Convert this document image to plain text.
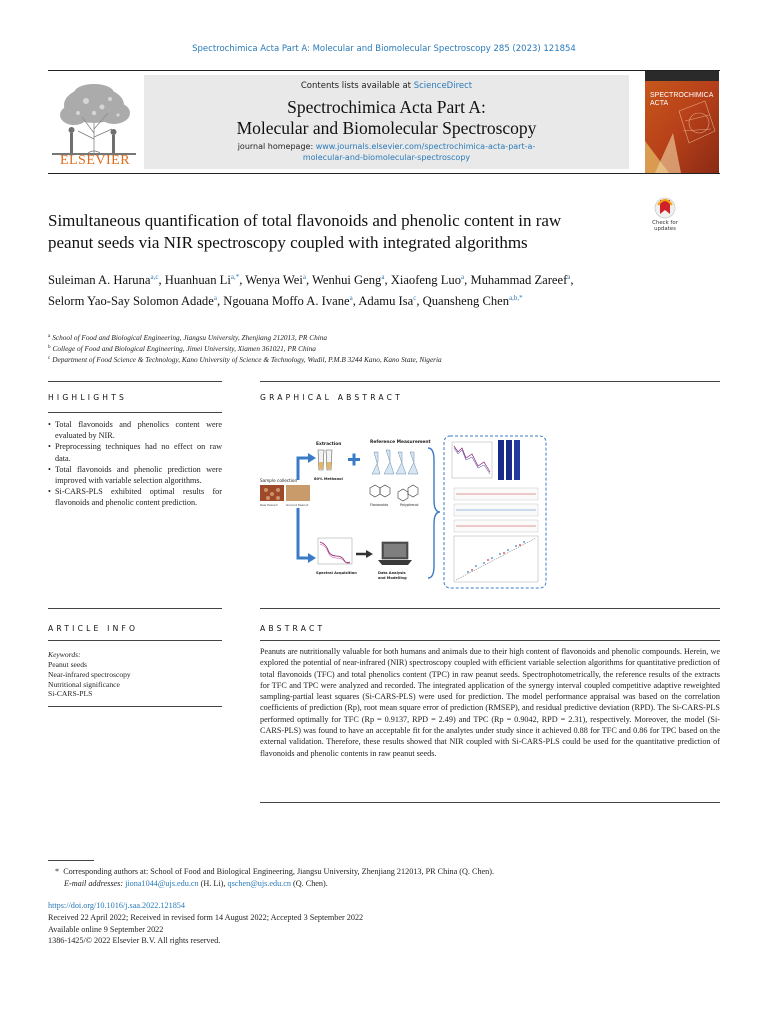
Spectrochimica Acta Part A: Molecular and Biomolecular Spectroscopy 285 (2023) 121854
ELSEVIER
Contents lists available at ScienceDirect
Spectrochimica Acta Part A:
Molecular and Biomolecular Spectroscopy
journal homepage: www.journals.elsevier.com/spectrochimica-acta-part-a-
molecular-and-biomolecular-spectroscopy
SPECTROCHIMICA
ACTA
Simultaneous quantification of total flavonoids and phenolic content in raw
peanut seeds via NIR spectroscopy coupled with integrated algorithms
Check for
updates
Suleiman A. Haruna$^{a,c}$, Huanhuan $Li^{a,*}$, Wenya Wei$^a$, Wenhui Geng$^a$, Xiaofeng Luo$^a$, Muhammad Zareef$^a$, Selorm Yao-Say Solomon Adade$^a$, Ngouana Moffo A. Ivane$^a$, Adamu Isa$^c$, Quansheng Chen$^{a,b,*}$
$^a$ School of Food and Biological Engineering, Jiangsu University, Zhenjiang 212013, PR China
$^b$ College of Food and Biological Engineering, Jimei University, Xiamen 361021, PR China
$^c$ Department of Food Science & Technology, Kano University of Science & Technology, Wudil, P.M.B 3244 Kano, Kano State, Nigeria
HIGHLIGHTS
• Total flavonoids and phenolics content were evaluated by NIR.
• Preprocessing techniques had no effect on raw data.
• Total flavonoids and phenolic prediction were improved with variable selection algorithms.
• Si-CARS-PLS exhibited optimal results for flavonoids and phenolic content prediction.
GRAPHICAL ABSTRACT
Sample collection
Raw Peanut	Ground Peanut
Extraction
80% Methanol
Reference Measurement
Flavonoids	Polyphenol
Spectral Acquisition	Data Analysis
and Modelling
ARTICLE INFO
Keywords:
Peanut seeds
Near-infrared spectroscopy
Nutritional significance
Si-CARS-PLS
ABSTRACT
Peanuts are nutritionally valuable for both humans and animals due to their high content of flavonoids and phenolic compounds. Herein, we explored the potential of near-infrared (NIR) spectroscopy coupled with efficient variable selection algorithms for quantitative prediction of total flavonoids (TFC) and total phenolics content (TPC) in raw peanut seeds. Spectrophotometrically, the reference results of the extracts for TFC and TPC were analyzed and recorded. The integrated application of the synergy interval coupled competitive adaptive reweighted sampling-partial least squares (Si-CARS-PLS) were used for prediction. The model performance appraisal was based on the correlation coefficients of prediction (Rp), root mean square error of prediction (RMSEP), and residual predictive deviation (RPD). The Si-CARS-PLS performed optimally for TFC (Rp = 0.9137, RPD = 2.49) and TPC (Rp = 0.9042, RPD = 2.31), respectively. Moreover, the model (Si-CARS-PLS) was found to have an acceptable fit for the analytes under study since it achieved 0.88 for TFC and 0.86 for TPC based on the external validation. Therefore, these results showed that NIR coupled with Si-CARS-PLS could be used for the quantitative prediction of flavonoids and phenolic contents in raw peanut seeds.
* Corresponding authors at: School of Food and Biological Engineering, Jiangsu University, Zhenjiang 212013, PR China (Q. Chen).
E-mail addresses: jiona1044@ujs.edu.cn (H. Li), qschen@ujs.edu.cn (Q. Chen).
https://doi.org/10.1016/j.saa.2022.121854
Received 22 April 2022; Received in revised form 14 August 2022; Accepted 3 September 2022
Available online 9 September 2022
1386-1425/© 2022 Elsevier B.V. All rights reserved.
